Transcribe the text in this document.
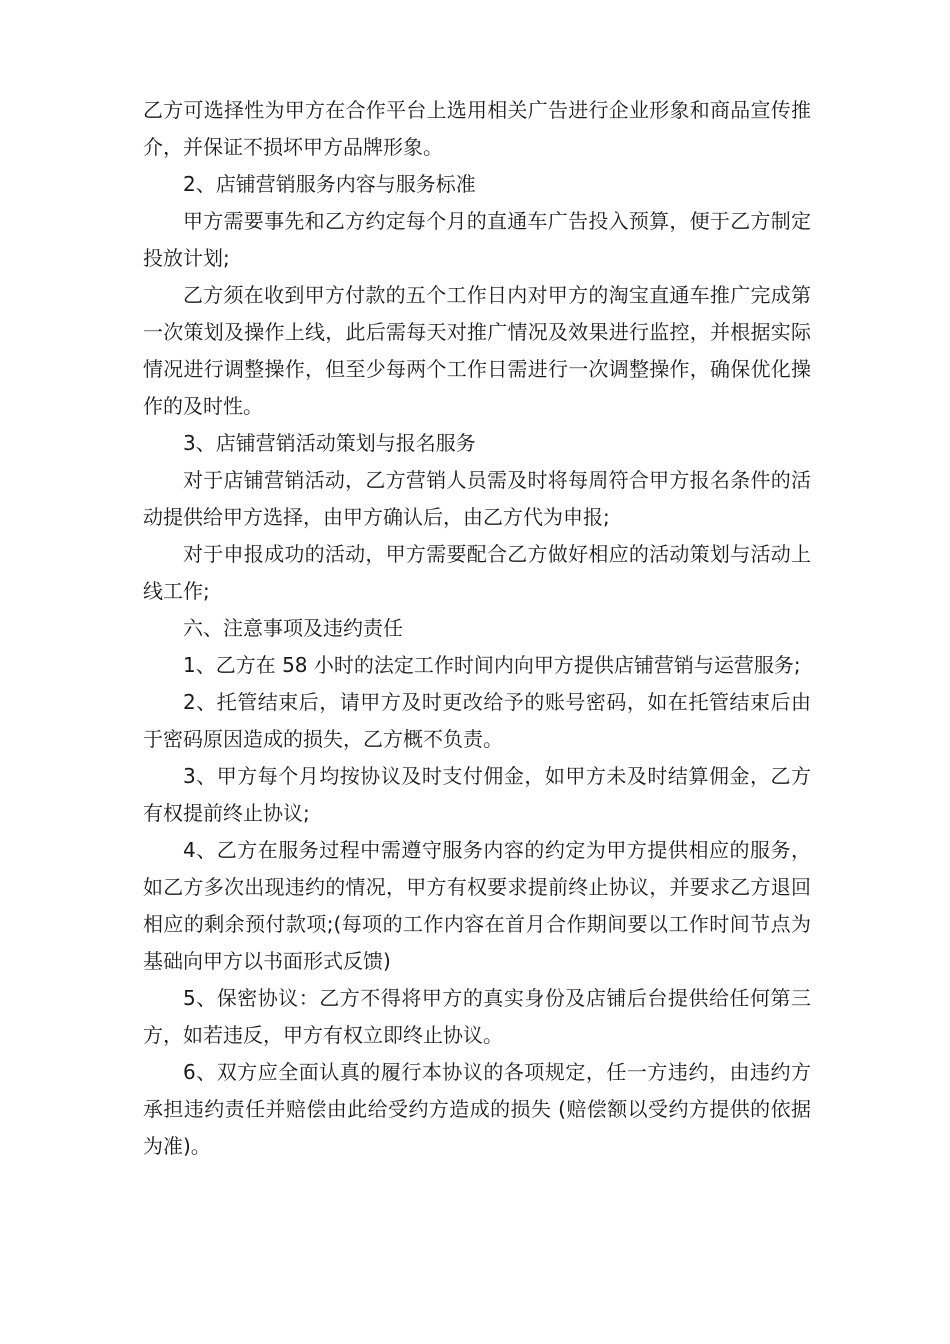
乙方可选择性为甲方在合作平台上选用相关广告进行企业形象和商品宣传推介，并保证不损坏甲方品牌形象。

2、店铺营销服务内容与服务标准

甲方需要事先和乙方约定每个月的直通车广告投入预算，便于乙方制定投放计划;

乙方须在收到甲方付款的五个工作日内对甲方的淘宝直通车推广完成第一次策划及操作上线，此后需每天对推广情况及效果进行监控，并根据实际情况进行调整操作，但至少每两个工作日需进行一次调整操作，确保优化操作的及时性。

3、店铺营销活动策划与报名服务

对于店铺营销活动，乙方营销人员需及时将每周符合甲方报名条件的活动提供给甲方选择，由甲方确认后，由乙方代为申报;

对于申报成功的活动，甲方需要配合乙方做好相应的活动策划与活动上线工作;

六、注意事项及违约责任

1、乙方在 58 小时的法定工作时间内向甲方提供店铺营销与运营服务;

2、托管结束后，请甲方及时更改给予的账号密码，如在托管结束后由于密码原因造成的损失，乙方概不负责。

3、甲方每个月均按协议及时支付佣金，如甲方未及时结算佣金，乙方有权提前终止协议;

4、乙方在服务过程中需遵守服务内容的约定为甲方提供相应的服务，如乙方多次出现违约的情况，甲方有权要求提前终止协议，并要求乙方退回相应的剩余预付款项;(每项的工作内容在首月合作期间要以工作时间节点为基础向甲方以书面形式反馈)

5、保密协议：乙方不得将甲方的真实身份及店铺后台提供给任何第三方，如若违反，甲方有权立即终止协议。

6、双方应全面认真的履行本协议的各项规定，任一方违约，由违约方承担违约责任并赔偿由此给受约方造成的损失 (赔偿额以受约方提供的依据为准)。
